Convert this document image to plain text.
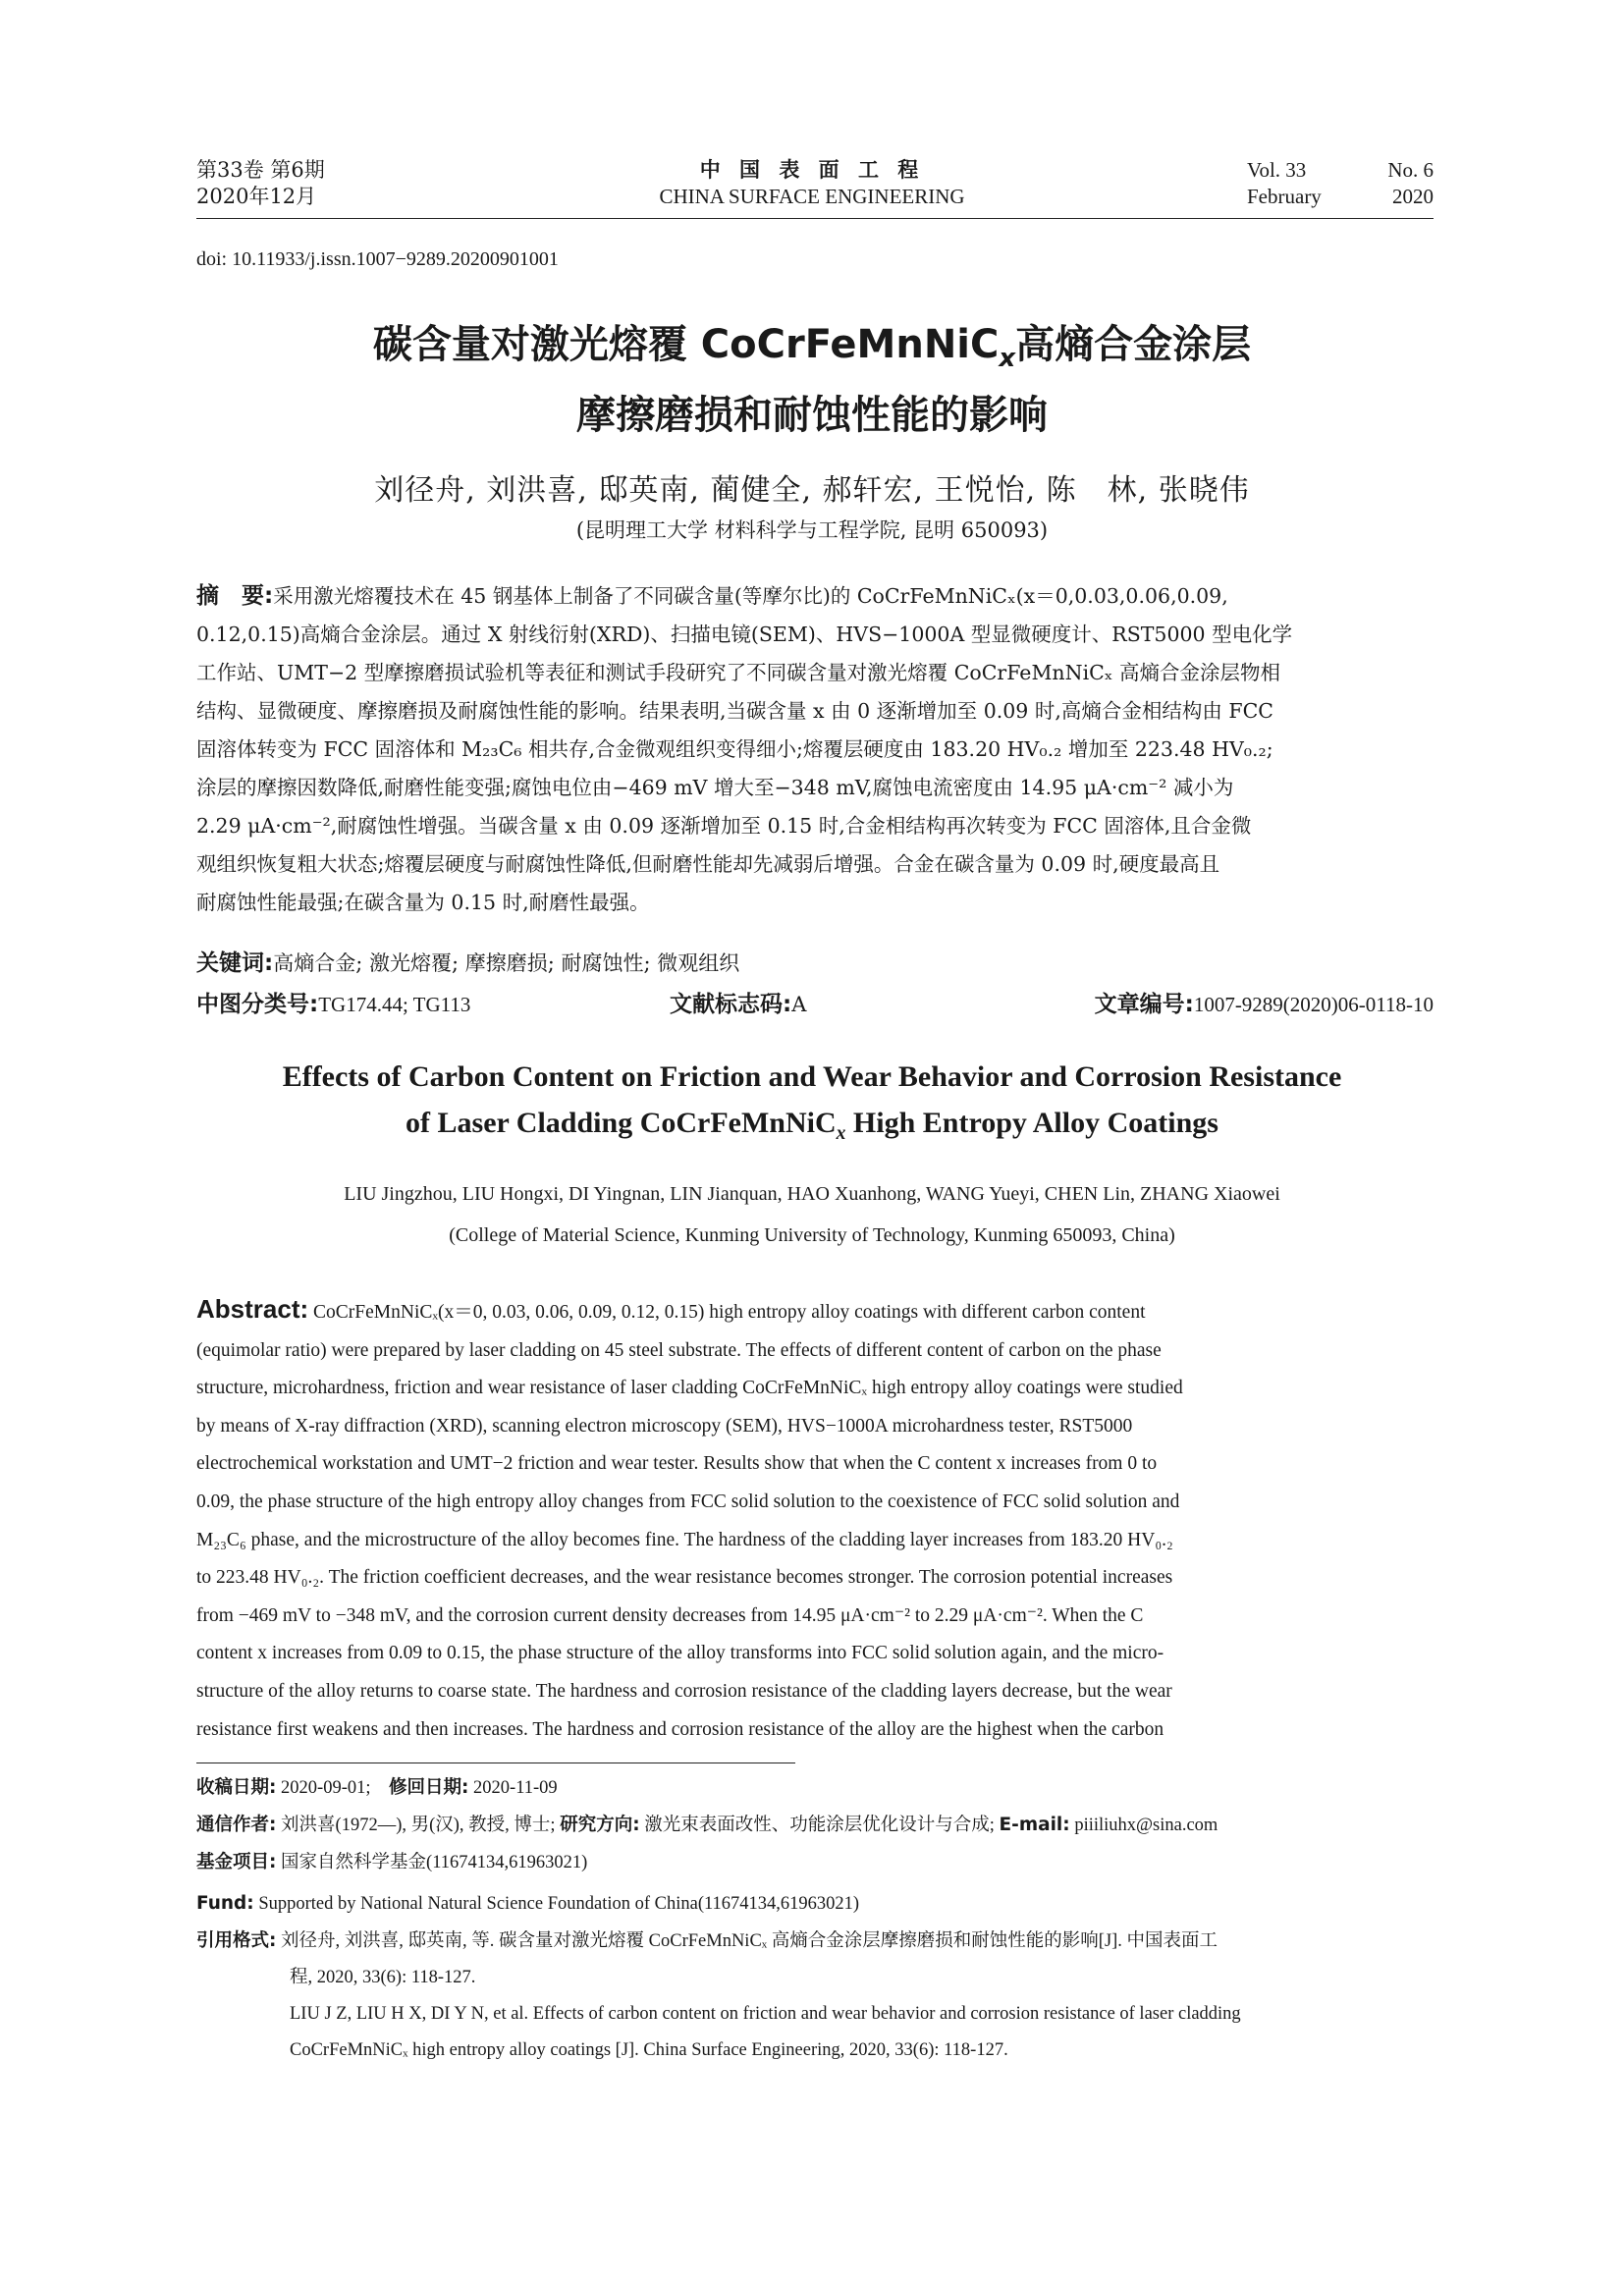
第33卷 第6期
2020年12月
中 国 表 面 工 程
CHINA SURFACE ENGINEERING
Vol. 33	No. 6
February	2020
doi: 10.11933/j.issn.1007−9289.20200901001
碳含量对激光熔覆 CoCrFeMnNiC$_x$高熵合金涂层
摩擦磨损和耐蚀性能的影响
刘径舟, 刘洪喜, 邸英南, 蔺健全, 郝轩宏, 王悦怡, 陈　林, 张晓伟
(昆明理工大学 材料科学与工程学院, 昆明 650093)
摘　要:采用激光熔覆技术在 45 钢基体上制备了不同碳含量(等摩尔比)的 CoCrFeMnNiCₓ(x＝0,0.03,0.06,0.09,
0.12,0.15)高熵合金涂层。通过 X 射线衍射(XRD)、扫描电镜(SEM)、HVS−1000A 型显微硬度计、RST5000 型电化学
工作站、UMT−2 型摩擦磨损试验机等表征和测试手段研究了不同碳含量对激光熔覆 CoCrFeMnNiCₓ 高熵合金涂层物相
结构、显微硬度、摩擦磨损及耐腐蚀性能的影响。结果表明,当碳含量 x 由 0 逐渐增加至 0.09 时,高熵合金相结构由 FCC
固溶体转变为 FCC 固溶体和 M₂₃C₆ 相共存,合金微观组织变得细小;熔覆层硬度由 183.20 HV₀.₂ 增加至 223.48 HV₀.₂;
涂层的摩擦因数降低,耐磨性能变强;腐蚀电位由−469 mV 增大至−348 mV,腐蚀电流密度由 14.95 μA·cm⁻² 减小为
2.29 μA·cm⁻²,耐腐蚀性增强。当碳含量 x 由 0.09 逐渐增加至 0.15 时,合金相结构再次转变为 FCC 固溶体,且合金微
观组织恢复粗大状态;熔覆层硬度与耐腐蚀性降低,但耐磨性能却先减弱后增强。合金在碳含量为 0.09 时,硬度最高且
耐腐蚀性能最强;在碳含量为 0.15 时,耐磨性最强。
关键词:高熵合金; 激光熔覆; 摩擦磨损; 耐腐蚀性; 微观组织
中图分类号:TG174.44; TG113	文献标志码:A	文章编号:1007-9289(2020)06-0118-10
Effects of Carbon Content on Friction and Wear Behavior and Corrosion Resistance
of Laser Cladding CoCrFeMnNiC$_x$ High Entropy Alloy Coatings
LIU Jingzhou, LIU Hongxi, DI Yingnan, LIN Jianquan, HAO Xuanhong, WANG Yueyi, CHEN Lin, ZHANG Xiaowei
(College of Material Science, Kunming University of Technology, Kunming 650093, China)
Abstract: CoCrFeMnNiCₓ(x＝0, 0.03, 0.06, 0.09, 0.12, 0.15) high entropy alloy coatings with different carbon content
(equimolar ratio) were prepared by laser cladding on 45 steel substrate. The effects of different content of carbon on the phase
structure, microhardness, friction and wear resistance of laser cladding CoCrFeMnNiCₓ high entropy alloy coatings were studied
by means of X-ray diffraction (XRD), scanning electron microscopy (SEM), HVS−1000A microhardness tester, RST5000
electrochemical workstation and UMT−2 friction and wear tester. Results show that when the C content x increases from 0 to
0.09, the phase structure of the high entropy alloy changes from FCC solid solution to the coexistence of FCC solid solution and
M₂₃C₆ phase, and the microstructure of the alloy becomes fine. The hardness of the cladding layer increases from 183.20 HV₀.₂
to 223.48 HV₀.₂. The friction coefficient decreases, and the wear resistance becomes stronger. The corrosion potential increases
from −469 mV to −348 mV, and the corrosion current density decreases from 14.95 μA·cm⁻² to 2.29 μA·cm⁻². When the C
content x increases from 0.09 to 0.15, the phase structure of the alloy transforms into FCC solid solution again, and the micro-
structure of the alloy returns to coarse state. The hardness and corrosion resistance of the cladding layers decrease, but the wear
resistance first weakens and then increases. The hardness and corrosion resistance of the alloy are the highest when the carbon
收稿日期: 2020-09-01;　 修回日期: 2020-11-09
通信作者: 刘洪喜(1972—), 男(汉), 教授, 博士; 研究方向: 激光束表面改性、功能涂层优化设计与合成; E-mail: piiiliuhx@sina.com
基金项目: 国家自然科学基金(11674134,61963021)
Fund: Supported by National Natural Science Foundation of China(11674134,61963021)
引用格式: 刘径舟, 刘洪喜, 邸英南, 等. 碳含量对激光熔覆 CoCrFeMnNiCₓ 高熵合金涂层摩擦磨损和耐蚀性能的影响[J]. 中国表面工
程, 2020, 33(6): 118-127.
LIU J Z, LIU H X, DI Y N, et al. Effects of carbon content on friction and wear behavior and corrosion resistance of laser cladding
CoCrFeMnNiCₓ high entropy alloy coatings [J]. China Surface Engineering, 2020, 33(6): 118-127.
